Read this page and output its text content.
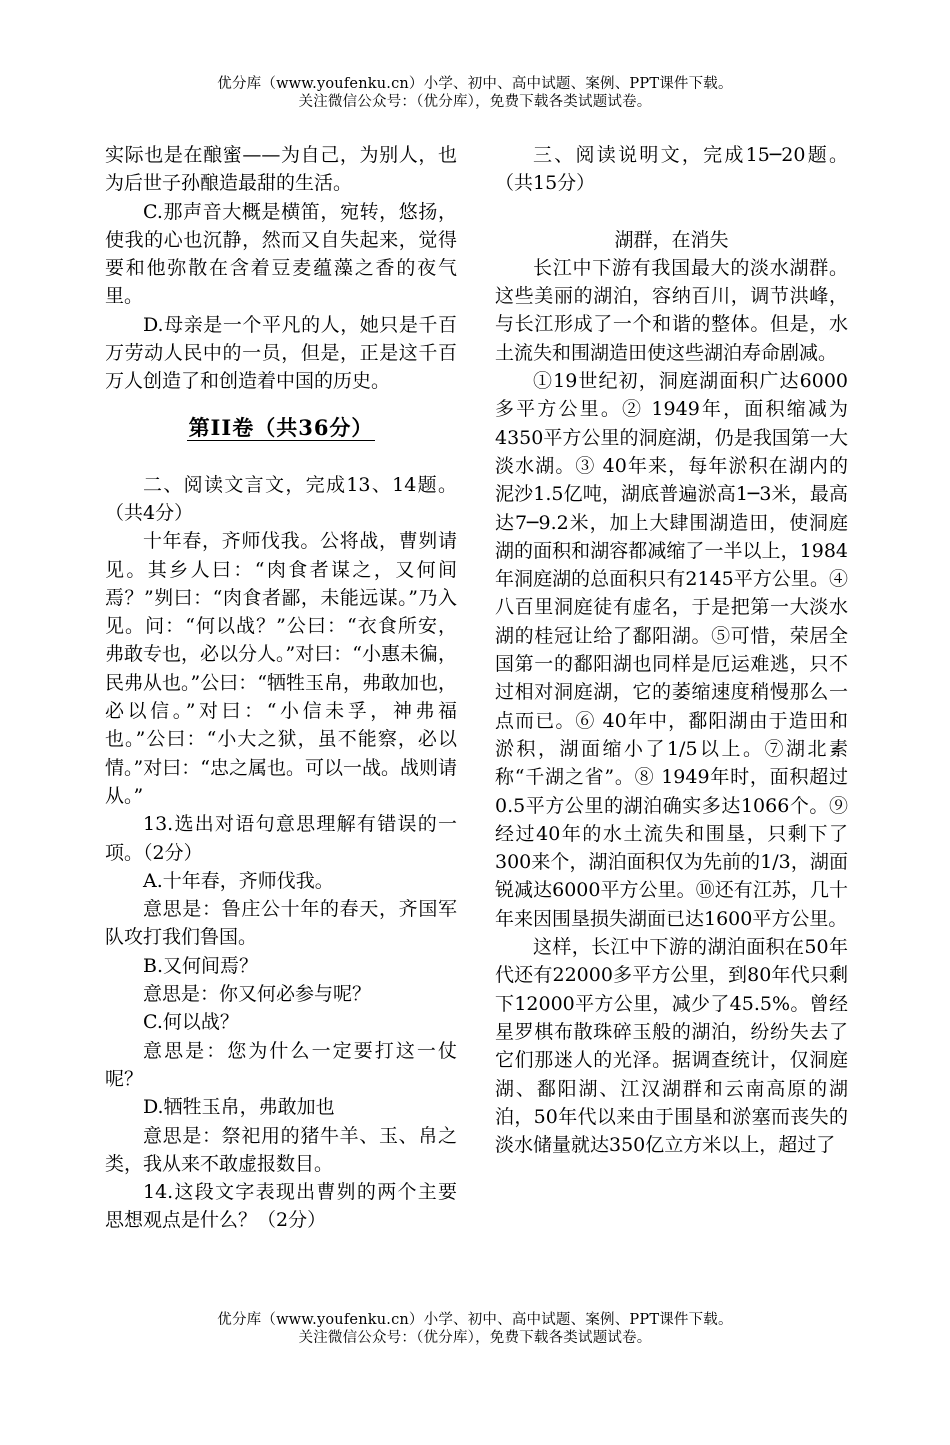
优分库（www.youfenku.cn）小学、初中、高中试题、案例、PPT课件下载。
关注微信公众号：（优分库），免费下载各类试题试卷。

实际也是在酿蜜——为自己，为别人，也为后世子孙酿造最甜的生活。

C.那声音大概是横笛，宛转，悠扬，使我的心也沉静，然而又自失起来，觉得要和他弥散在含着豆麦蕴藻之香的夜气里。

D.母亲是一个平凡的人，她只是千百万劳动人民中的一员，但是，正是这千百万人创造了和创造着中国的历史。

第II卷（共36分）

二、阅读文言文，完成13、14题。（共4分）

十年春，齐师伐我。公将战，曹刿请见。其乡人曰：“肉食者谋之，又何间焉？”刿曰：“肉食者鄙，未能远谋。”乃入见。问：“何以战？”公曰：“衣食所安，弗敢专也，必以分人。”对曰：“小惠未徧，民弗从也。”公曰：“牺牲玉帛，弗敢加也，必以信。”对曰：“小信未孚，神弗福也。”公曰：“小大之狱，虽不能察，必以情。”对曰：“忠之属也。可以一战。战则请从。”

13.选出对语句意思理解有错误的一项。（2分）

A.十年春，齐师伐我。

意思是：鲁庄公十年的春天，齐国军队攻打我们鲁国。

B.又何间焉？

意思是：你又何必参与呢？

C.何以战？

意思是：您为什么一定要打这一仗呢？

D.牺牲玉帛，弗敢加也

意思是：祭祀用的猪牛羊、玉、帛之类，我从来不敢虚报数目。

14.这段文字表现出曹刿的两个主要思想观点是什么？（2分）

三、阅读说明文，完成15─20题。（共15分）

湖群，在消失

长江中下游有我国最大的淡水湖群。这些美丽的湖泊，容纳百川，调节洪峰，与长江形成了一个和谐的整体。但是，水土流失和围湖造田使这些湖泊寿命剧减。

①19世纪初，洞庭湖面积广达6000多平方公里。② 1949年，面积缩减为4350平方公里的洞庭湖，仍是我国第一大淡水湖。③ 40年来，每年淤积在湖内的泥沙1.5亿吨，湖底普遍淤高1─3米，最高达7─9.2米，加上大肆围湖造田，使洞庭湖的面积和湖容都减缩了一半以上，1984年洞庭湖的总面积只有2145平方公里。④八百里洞庭徒有虚名，于是把第一大淡水湖的桂冠让给了鄱阳湖。⑤可惜，荣居全国第一的鄱阳湖也同样是厄运难逃，只不过相对洞庭湖，它的萎缩速度稍慢那么一点而已。⑥ 40年中，鄱阳湖由于造田和淤积，湖面缩小了1/5以上。⑦湖北素称“千湖之省”。⑧ 1949年时，面积超过0.5平方公里的湖泊确实多达1066个。⑨经过40年的水土流失和围垦，只剩下了300来个，湖泊面积仅为先前的1/3，湖面锐减达6000平方公里。⑩还有江苏，几十年来因围垦损失湖面已达1600平方公里。

这样，长江中下游的湖泊面积在50年代还有22000多平方公里，到80年代只剩下12000平方公里，减少了45.5%。曾经星罗棋布散珠碎玉般的湖泊，纷纷失去了它们那迷人的光泽。据调查统计，仅洞庭湖、鄱阳湖、江汉湖群和云南高原的湖泊，50年代以来由于围垦和淤塞而丧失的淡水储量就达350亿立方米以上，超过了

优分库（www.youfenku.cn）小学、初中、高中试题、案例、PPT课件下载。
关注微信公众号：（优分库），免费下载各类试题试卷。
